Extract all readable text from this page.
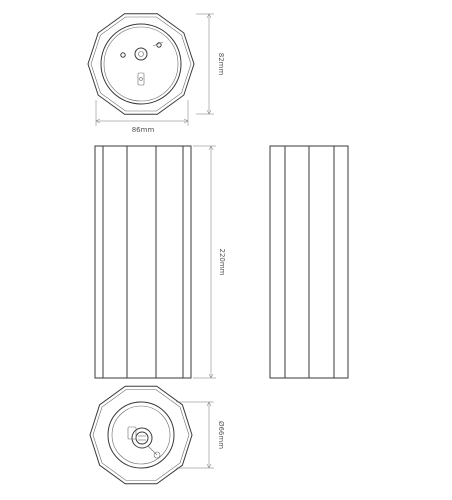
82mm
86mm
220mm
Ø66mm
